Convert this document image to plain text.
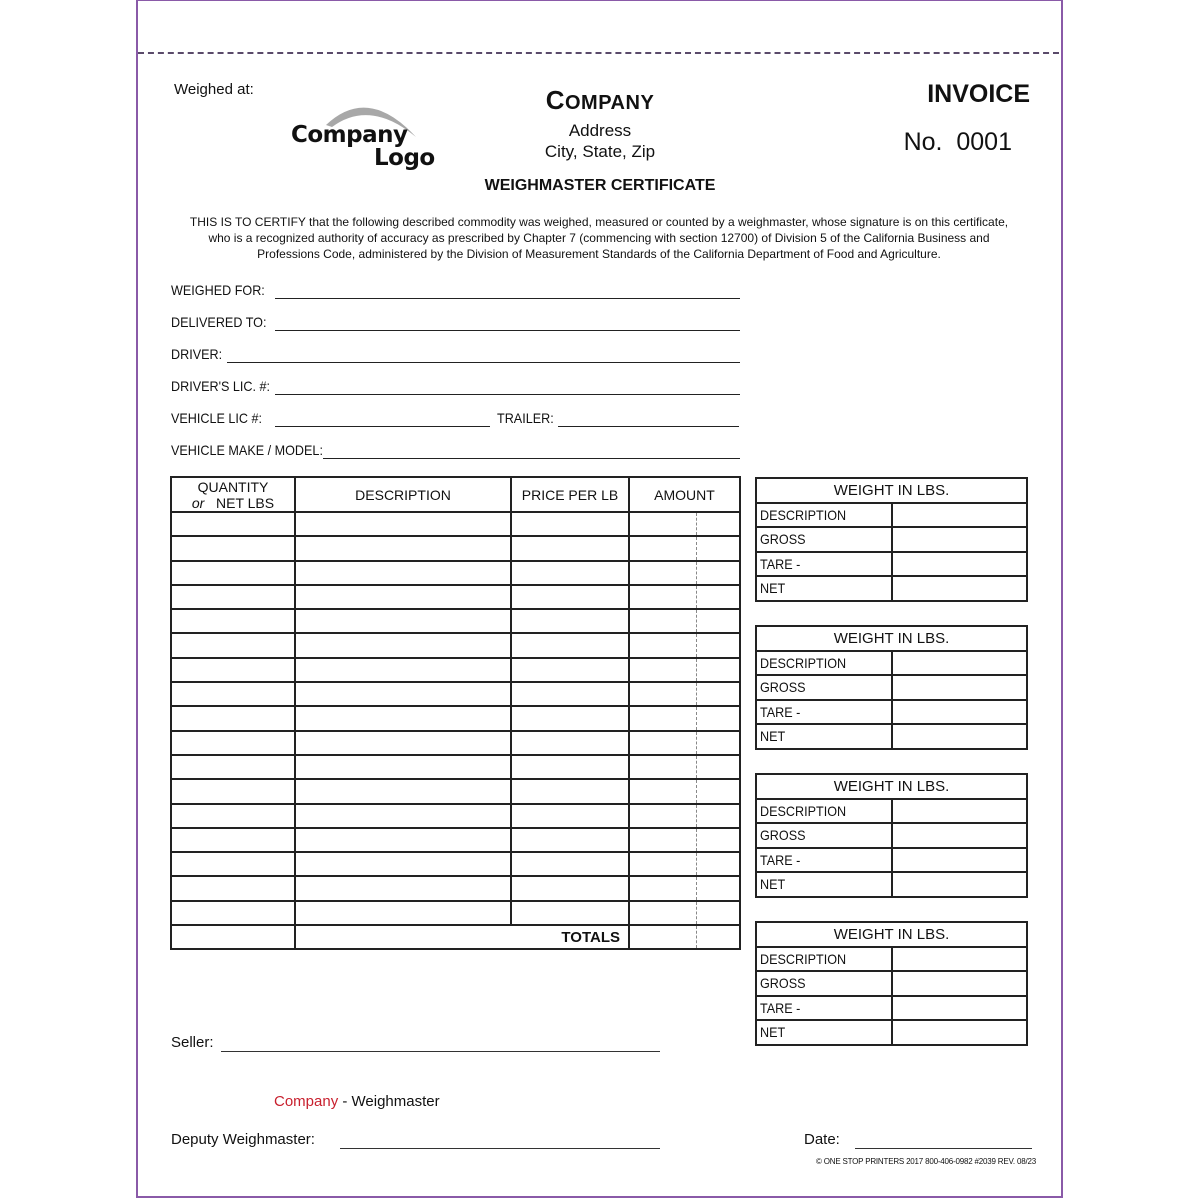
Weighed at:
Company
Logo
COMPANY
Address
City, State, Zip
WEIGHMASTER CERTIFICATE
INVOICE
No. 0001
THIS IS TO CERTIFY that the following described commodity was weighed, measured or counted by a weighmaster, whose signature is on this certificate, who is a recognized authority of accuracy as prescribed by Chapter 7 (commencing with section 12700) of Division 5 of the California Business and Professions Code, administered by the Division of Measurement Standards of the California Department of Food and Agriculture.
WEIGHED FOR:
DELIVERED TO:
DRIVER:
DRIVER'S LIC. #:
VEHICLE LIC #:	TRAILER:
VEHICLE MAKE / MODEL:
QUANTITY
or NET LBS	DESCRIPTION	PRICE PER LB	AMOUNT

	TOTALS		
WEIGHT IN LBS.	
DESCRIPTION	
GROSS	
TARE -	
NET	
WEIGHT IN LBS.	
DESCRIPTION	
GROSS	
TARE -	
NET	
WEIGHT IN LBS.	
DESCRIPTION	
GROSS	
TARE -	
NET	
WEIGHT IN LBS.	
DESCRIPTION	
GROSS	
TARE -	
NET	
Seller:
Company - Weighmaster
Deputy Weighmaster:	Date:
© ONE STOP PRINTERS 2017 800-406-0982 #2039 REV. 08/23
